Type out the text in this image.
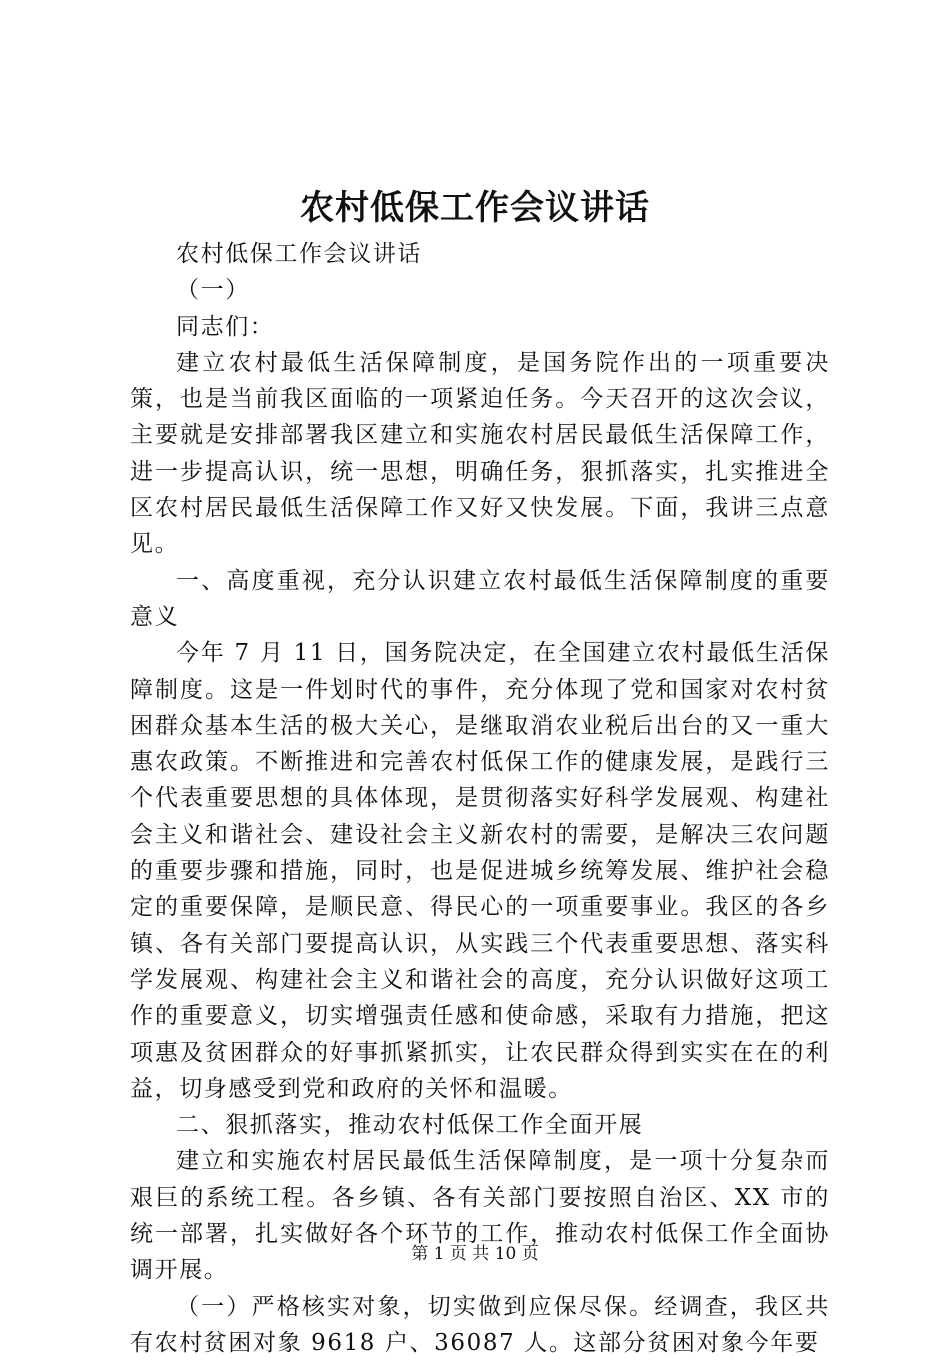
农村低保工作会议讲话

农村低保工作会议讲话

（一）

同志们：

建立农村最低生活保障制度，是国务院作出的一项重要决策，也是当前我区面临的一项紧迫任务。今天召开的这次会议，主要就是安排部署我区建立和实施农村居民最低生活保障工作，进一步提高认识，统一思想，明确任务，狠抓落实，扎实推进全区农村居民最低生活保障工作又好又快发展。下面，我讲三点意见。

一、高度重视，充分认识建立农村最低生活保障制度的重要意义

今年 7 月 11 日，国务院决定，在全国建立农村最低生活保障制度。这是一件划时代的事件，充分体现了党和国家对农村贫困群众基本生活的极大关心，是继取消农业税后出台的又一重大惠农政策。不断推进和完善农村低保工作的健康发展，是践行三个代表重要思想的具体体现，是贯彻落实好科学发展观、构建社会主义和谐社会、建设社会主义新农村的需要，是解决三农问题的重要步骤和措施，同时，也是促进城乡统筹发展、维护社会稳定的重要保障，是顺民意、得民心的一项重要事业。我区的各乡镇、各有关部门要提高认识，从实践三个代表重要思想、落实科学发展观、构建社会主义和谐社会的高度，充分认识做好这项工作的重要意义，切实增强责任感和使命感，采取有力措施，把这项惠及贫困群众的好事抓紧抓实，让农民群众得到实实在在的利益，切身感受到党和政府的关怀和温暖。

二、狠抓落实，推动农村低保工作全面开展

建立和实施农村居民最低生活保障制度，是一项十分复杂而艰巨的系统工程。各乡镇、各有关部门要按照自治区、XX 市的统一部署，扎实做好各个环节的工作，推动农村低保工作全面协调开展。

（一）严格核实对象，切实做到应保尽保。经调查，我区共有农村贫困对象 9618 户、36087 人。这部分贫困对象今年要

第 1 页 共 10 页
